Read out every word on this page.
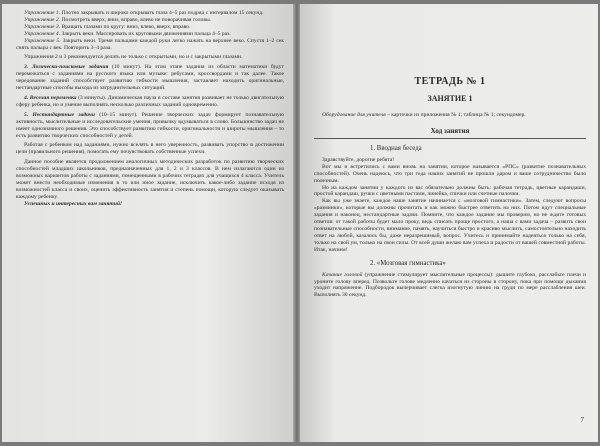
Упражнение 1. Плотно закрывать и широко открывать глаза 4–5 раз подряд с интервалом 15 секунд.

Упражнение 2. Посмотреть вверх, вниз, вправо, влево не поворачивая головы.

Упражнение 3. Вращать глазами по кругу: вниз, влево, вверх, вправо.

Упражнение 4. Закрыть веки. Массировать их круговыми движениями пальца 4–5 раз.

Упражнение 5. Закрыть веки. Тремя пальцами каждой руки легко нажать на верхнее веко. Спустя 1–2 сек снять пальцы с век. Повторить 3–4 раза.

Упражнения 2 и 3 рекомендуется делать не только с открытыми, но и с закрытыми глазами.

3. Логически-поисковые задания (10 минут). На этом этапе задания из области математики будут перемежаться с заданиями на русского языка или музыке: ребусами, кроссвордами и так далее. Такое чередование заданий способствует развитию гибкости мышления, заставляет находить оригинальные, нестандартные способы выхода из затруднительных ситуаций.

4. Веселая переменка (3 минуты). Динамическая пауза в составе занятия развивает не только двигательную сферу ребенка, но и умение выполнять несколько различных заданий одновременно.

5. Нестандартные задачи (10–15 минут). Решение творческих задач формирует познавательную активность, мыслительные и исследовательские умения, привычку вдумываться в слово. Большинство задач не имеет однозначного решения. Это способствует развитию гибкости, оригинальности и широты мышления – то есть развитию творческих способностей у детей.

Работая с ребенком над заданиями, нужно вселять в него уверенность, развивать упорство в достижении цели (правильного решения), помогать ему почувствовать собственные успехи.

Данное пособие является продолжением аналогичных методических разработок по развитию творческих способностей младших школьников, предназначенных для 1, 2 и 3 классов. В нем излагаются один из возможных вариантов работы с заданиями, помещенными в рабочих тетрадях для учащихся 4 класса. Учитель может внести необходимые изменения в то или иное задание, исключить какое-либо задание исходя из возможностей класса и своих, оценить эффективность занятия и степень помощи, которую следует оказывать каждому ребенку.

Успешных и интересных вам занятий!

ТЕТРАДЬ № 1
ЗАНЯТИЕ 1

Оборудование для учителя – карточки из приложения № 1; таблица № 1; секундомер.

Ход занятия
1. Вводная беседа

Здравствуйте, дорогие ребята!

Вот мы и встретились с вами вновь на занятии, которое называется «РПС» (развитие познавательных способностей). Очень надеюсь, что три года наших занятий не прошли даром и ваше сотрудничество было полезным.

Но на каждом занятии у каждого из вас обязательно должны быть: рабочая тетрадь, цветные карандаши, простой карандаш, ручки с цветными пастами, линейка, спички или счетные палочки.

Как вы уже знаете, каждое наше занятие начинается с «мозговой гимнастики». Затем, следуют вопросы «разминки», которые вы должны прочитать и как можно быстрее ответить на них. Потом идут специальные задания и наконец, нестандартные задачи. Помните, что каждое задание мы проверим, но не ждите готовых ответов: от такой работы будет мало проку, ведь списать проще простого, а наша с вами задача – развить свои познавательные способности, внимание, память, научиться быстро и красиво мыслить, самостоятельно находить ответ на любой, казалось бы, даже неразрешимый, вопрос. Учитесь и принимайте надеяться только на себя, только на свой ум, только на свои силы. От всей души желаю вам успеха и радости от вашей совместной работы. Итак, начнем!

2. «Мозговая гимнастика»

Качание головой (упражнение стимулирует мыслительные процессы): дышите глубоко, расслабьте плечи и уроните голову вперед. Позвольте голове медленно качаться из стороны в сторону, пока при помощи дыхания уходит напряжение. Подбородок вычерчивает слегка изогнутую линию на груди по мере расслабления шеи. Выполнять 30 секунд.

7
